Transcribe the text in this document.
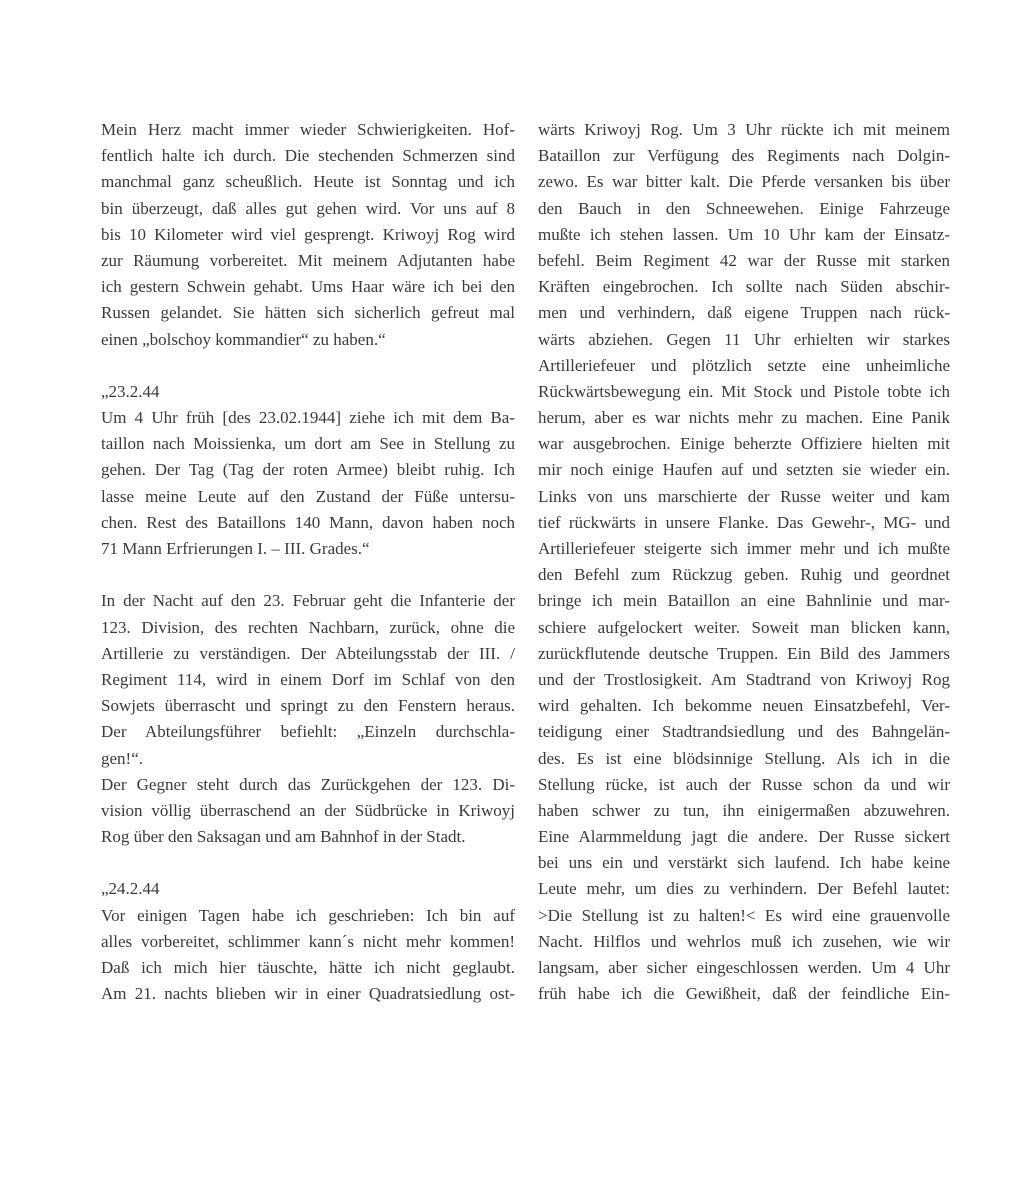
Mein Herz macht immer wieder Schwierigkeiten. Hof-
fentlich halte ich durch. Die stechenden Schmerzen sind
manchmal ganz scheußlich. Heute ist Sonntag und ich
bin überzeugt, daß alles gut gehen wird. Vor uns auf 8
bis 10 Kilometer wird viel gesprengt. Kriwoyj Rog wird
zur Räumung vorbereitet. Mit meinem Adjutanten habe
ich gestern Schwein gehabt. Ums Haar wäre ich bei den
Russen gelandet. Sie hätten sich sicherlich gefreut mal
einen „bolschoy kommandier“ zu haben.“
„23.2.44
Um 4 Uhr früh [des 23.02.1944] ziehe ich mit dem Ba-
taillon nach Moissienka, um dort am See in Stellung zu
gehen. Der Tag (Tag der roten Armee) bleibt ruhig. Ich
lasse meine Leute auf den Zustand der Füße untersu-
chen. Rest des Bataillons 140 Mann, davon haben noch
71 Mann Erfrierungen I. – III. Grades.“
In der Nacht auf den 23. Februar geht die Infanterie der
123. Division, des rechten Nachbarn, zurück, ohne die
Artillerie zu verständigen. Der Abteilungsstab der III. /
Regiment 114, wird in einem Dorf im Schlaf von den
Sowjets überrascht und springt zu den Fenstern heraus.
Der Abteilungsführer befiehlt: „Einzeln durchschla-
gen!“.
Der Gegner steht durch das Zurückgehen der 123. Di-
vision völlig überraschend an der Südbrücke in Kriwoyj
Rog über den Saksagan und am Bahnhof in der Stadt.
„24.2.44
Vor einigen Tagen habe ich geschrieben: Ich bin auf
alles vorbereitet, schlimmer kann´s nicht mehr kommen!
Daß ich mich hier täuschte, hätte ich nicht geglaubt.
Am 21. nachts blieben wir in einer Quadratsiedlung ost-
wärts Kriwoyj Rog. Um 3 Uhr rückte ich mit meinem
Bataillon zur Verfügung des Regiments nach Dolgin-
zewo. Es war bitter kalt. Die Pferde versanken bis über
den Bauch in den Schneewehen. Einige Fahrzeuge
mußte ich stehen lassen. Um 10 Uhr kam der Einsatz-
befehl. Beim Regiment 42 war der Russe mit starken
Kräften eingebrochen. Ich sollte nach Süden abschir-
men und verhindern, daß eigene Truppen nach rück-
wärts abziehen. Gegen 11 Uhr erhielten wir starkes
Artilleriefeuer und plötzlich setzte eine unheimliche
Rückwärtsbewegung ein. Mit Stock und Pistole tobte ich
herum, aber es war nichts mehr zu machen. Eine Panik
war ausgebrochen. Einige beherzte Offiziere hielten mit
mir noch einige Haufen auf und setzten sie wieder ein.
Links von uns marschierte der Russe weiter und kam
tief rückwärts in unsere Flanke. Das Gewehr-, MG- und
Artilleriefeuer steigerte sich immer mehr und ich mußte
den Befehl zum Rückzug geben. Ruhig und geordnet
bringe ich mein Bataillon an eine Bahnlinie und mar-
schiere aufgelockert weiter. Soweit man blicken kann,
zurückflutende deutsche Truppen. Ein Bild des Jammers
und der Trostlosigkeit. Am Stadtrand von Kriwoyj Rog
wird gehalten. Ich bekomme neuen Einsatzbefehl, Ver-
teidigung einer Stadtrandsiedlung und des Bahngelän-
des. Es ist eine blödsinnige Stellung. Als ich in die
Stellung rücke, ist auch der Russe schon da und wir
haben schwer zu tun, ihn einigermaßen abzuwehren.
Eine Alarmmeldung jagt die andere. Der Russe sickert
bei uns ein und verstärkt sich laufend. Ich habe keine
Leute mehr, um dies zu verhindern. Der Befehl lautet:
>Die Stellung ist zu halten!< Es wird eine grauenvolle
Nacht. Hilflos und wehrlos muß ich zusehen, wie wir
langsam, aber sicher eingeschlossen werden. Um 4 Uhr
früh habe ich die Gewißheit, daß der feindliche Ein-
